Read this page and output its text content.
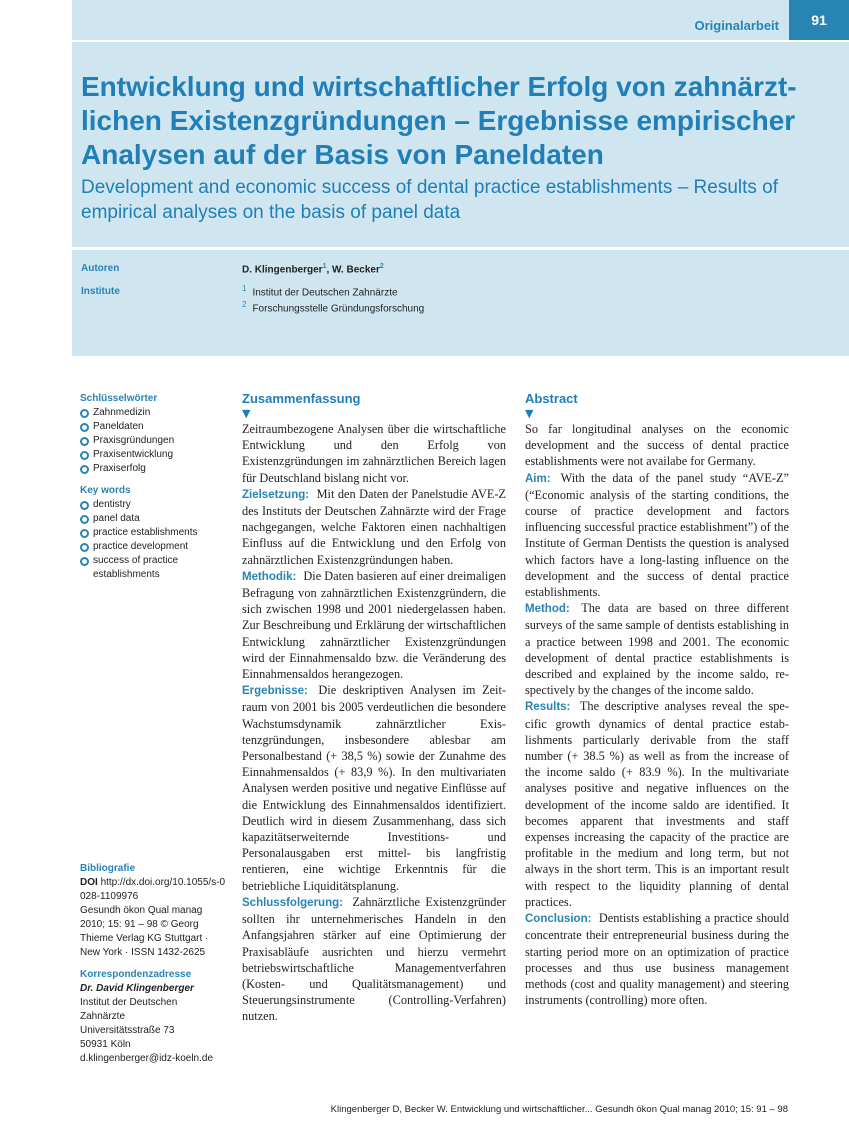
Originalarbeit	91
Entwicklung und wirtschaftlicher Erfolg von zahnärztlichen Existenzgründungen – Ergebnisse empirischer Analysen auf der Basis von Paneldaten
Development and economic success of dental practice establishments – Results of empirical analyses on the basis of panel data
Autoren	D. Klingenberger$^1$, W. Becker$^2$
Institute	$^1$ Institut der Deutschen Zahnärzte
$^2$ Forschungsstelle Gründungsforschung
Schlüsselwörter
Zahnmedizin
Paneldaten
Praxisgründungen
Praxisentwicklung
Praxiserfolg
Key words
dentistry
panel data
practice establishments
practice development
success of practice establishments
Bibliografie
DOI http://dx.doi.org/10.1055/s-0028-1109976
Gesundh ökon Qual manag 2010; 15: 91 – 98 © Georg Thieme Verlag KG Stuttgart · New York · ISSN 1432-2625
Korrespondenzadresse
Dr. David Klingenberger
Institut der Deutschen
Zahnärzte
Universitätsstraße 73
50931 Köln
d.klingenberger@idz-koeln.de
Zusammenfassung
▼

Zeitraumbezogene Analysen über die wirtschaftliche Entwicklung und den Erfolg von Existenzgründungen im zahnärztlichen Bereich lagen für Deutschland bislang nicht vor.

Zielsetzung: Mit den Daten der Panelstudie AVE-Z des Instituts der Deutschen Zahnärzte wird der Frage nachgegangen, welche Faktoren einen nachhaltigen Einfluss auf die Entwicklung und den Erfolg von zahnärztlichen Existenzgründungen haben.

Methodik: Die Daten basieren auf einer dreimaligen Befragung von zahnärztlichen Existenzgründern, die sich zwischen 1998 und 2001 niedergelassen haben. Zur Beschreibung und Erklärung der wirtschaftlichen Entwicklung zahnärztlicher Existenzgründungen wird der Einnahmensaldo bzw. die Veränderung des Einnahmensaldos herangezogen.

Ergebnisse: Die deskriptiven Analysen im Zeitraum von 2001 bis 2005 verdeutlichen die besondere Wachstumsdynamik zahnärztlicher Existenzgründungen, insbesondere ablesbar am Personalbestand (+ 38,5 %) sowie der Zunahme des Einnahmensaldos (+ 83,9 %). In den multivariaten Analysen werden positive und negative Einflüsse auf die Entwicklung des Einnahmensaldos identifiziert. Deutlich wird in diesem Zusammenhang, dass sich kapazitätserweiternde Investitions- und Personalausgaben erst mittel- bis langfristig rentieren, eine wichtige Erkenntnis für die betriebliche Liquiditätsplanung.

Schlussfolgerung: Zahnärztliche Existenzgründer sollten ihr unternehmerisches Handeln in den Anfangsjahren stärker auf eine Optimierung der Praxisabläufe ausrichten und hierzu vermehrt betriebswirtschaftliche Managementverfahren (Kosten- und Qualitätsmanagement) und Steuerungsinstrumente (Controlling-Verfahren) nutzen.

Abstract
▼

So far longitudinal analyses on the economic development and the success of dental practice establishments were not availabe for Germany.

Aim: With the data of the panel study “AVE-Z” (“Economic analysis of the starting conditions, the course of practice development and factors influencing successful practice establishment”) of the Institute of German Dentists the question is analysed which factors have a long-lasting influence on the development and the success of dental practice establishments.

Method: The data are based on three different surveys of the same sample of dentists establishing in a practice between 1998 and 2001. The economic development of dental practice establishments is described and explained by the income saldo, respectively by the changes of the income saldo.

Results: The descriptive analyses reveal the specific growth dynamics of dental practice establishments particularly derivable from the staff number (+ 38.5 %) as well as from the increase of the income saldo (+ 83.9 %). In the multivariate analyses positive and negative influences on the development of the income saldo are identified. It becomes apparent that investments and staff expenses increasing the capacity of the practice are profitable in the medium and long term, but not always in the short term. This is an important result with respect to the liquidity planning of dental practices.

Conclusion: Dentists establishing a practice should concentrate their entrepreneurial business during the starting period more on an optimization of practice processes and thus use business management methods (cost and quality management) and steering instruments (controlling) more often.

Klingenberger D, Becker W. Entwicklung und wirtschaftlicher... Gesundh ökon Qual manag 2010; 15: 91 – 98
